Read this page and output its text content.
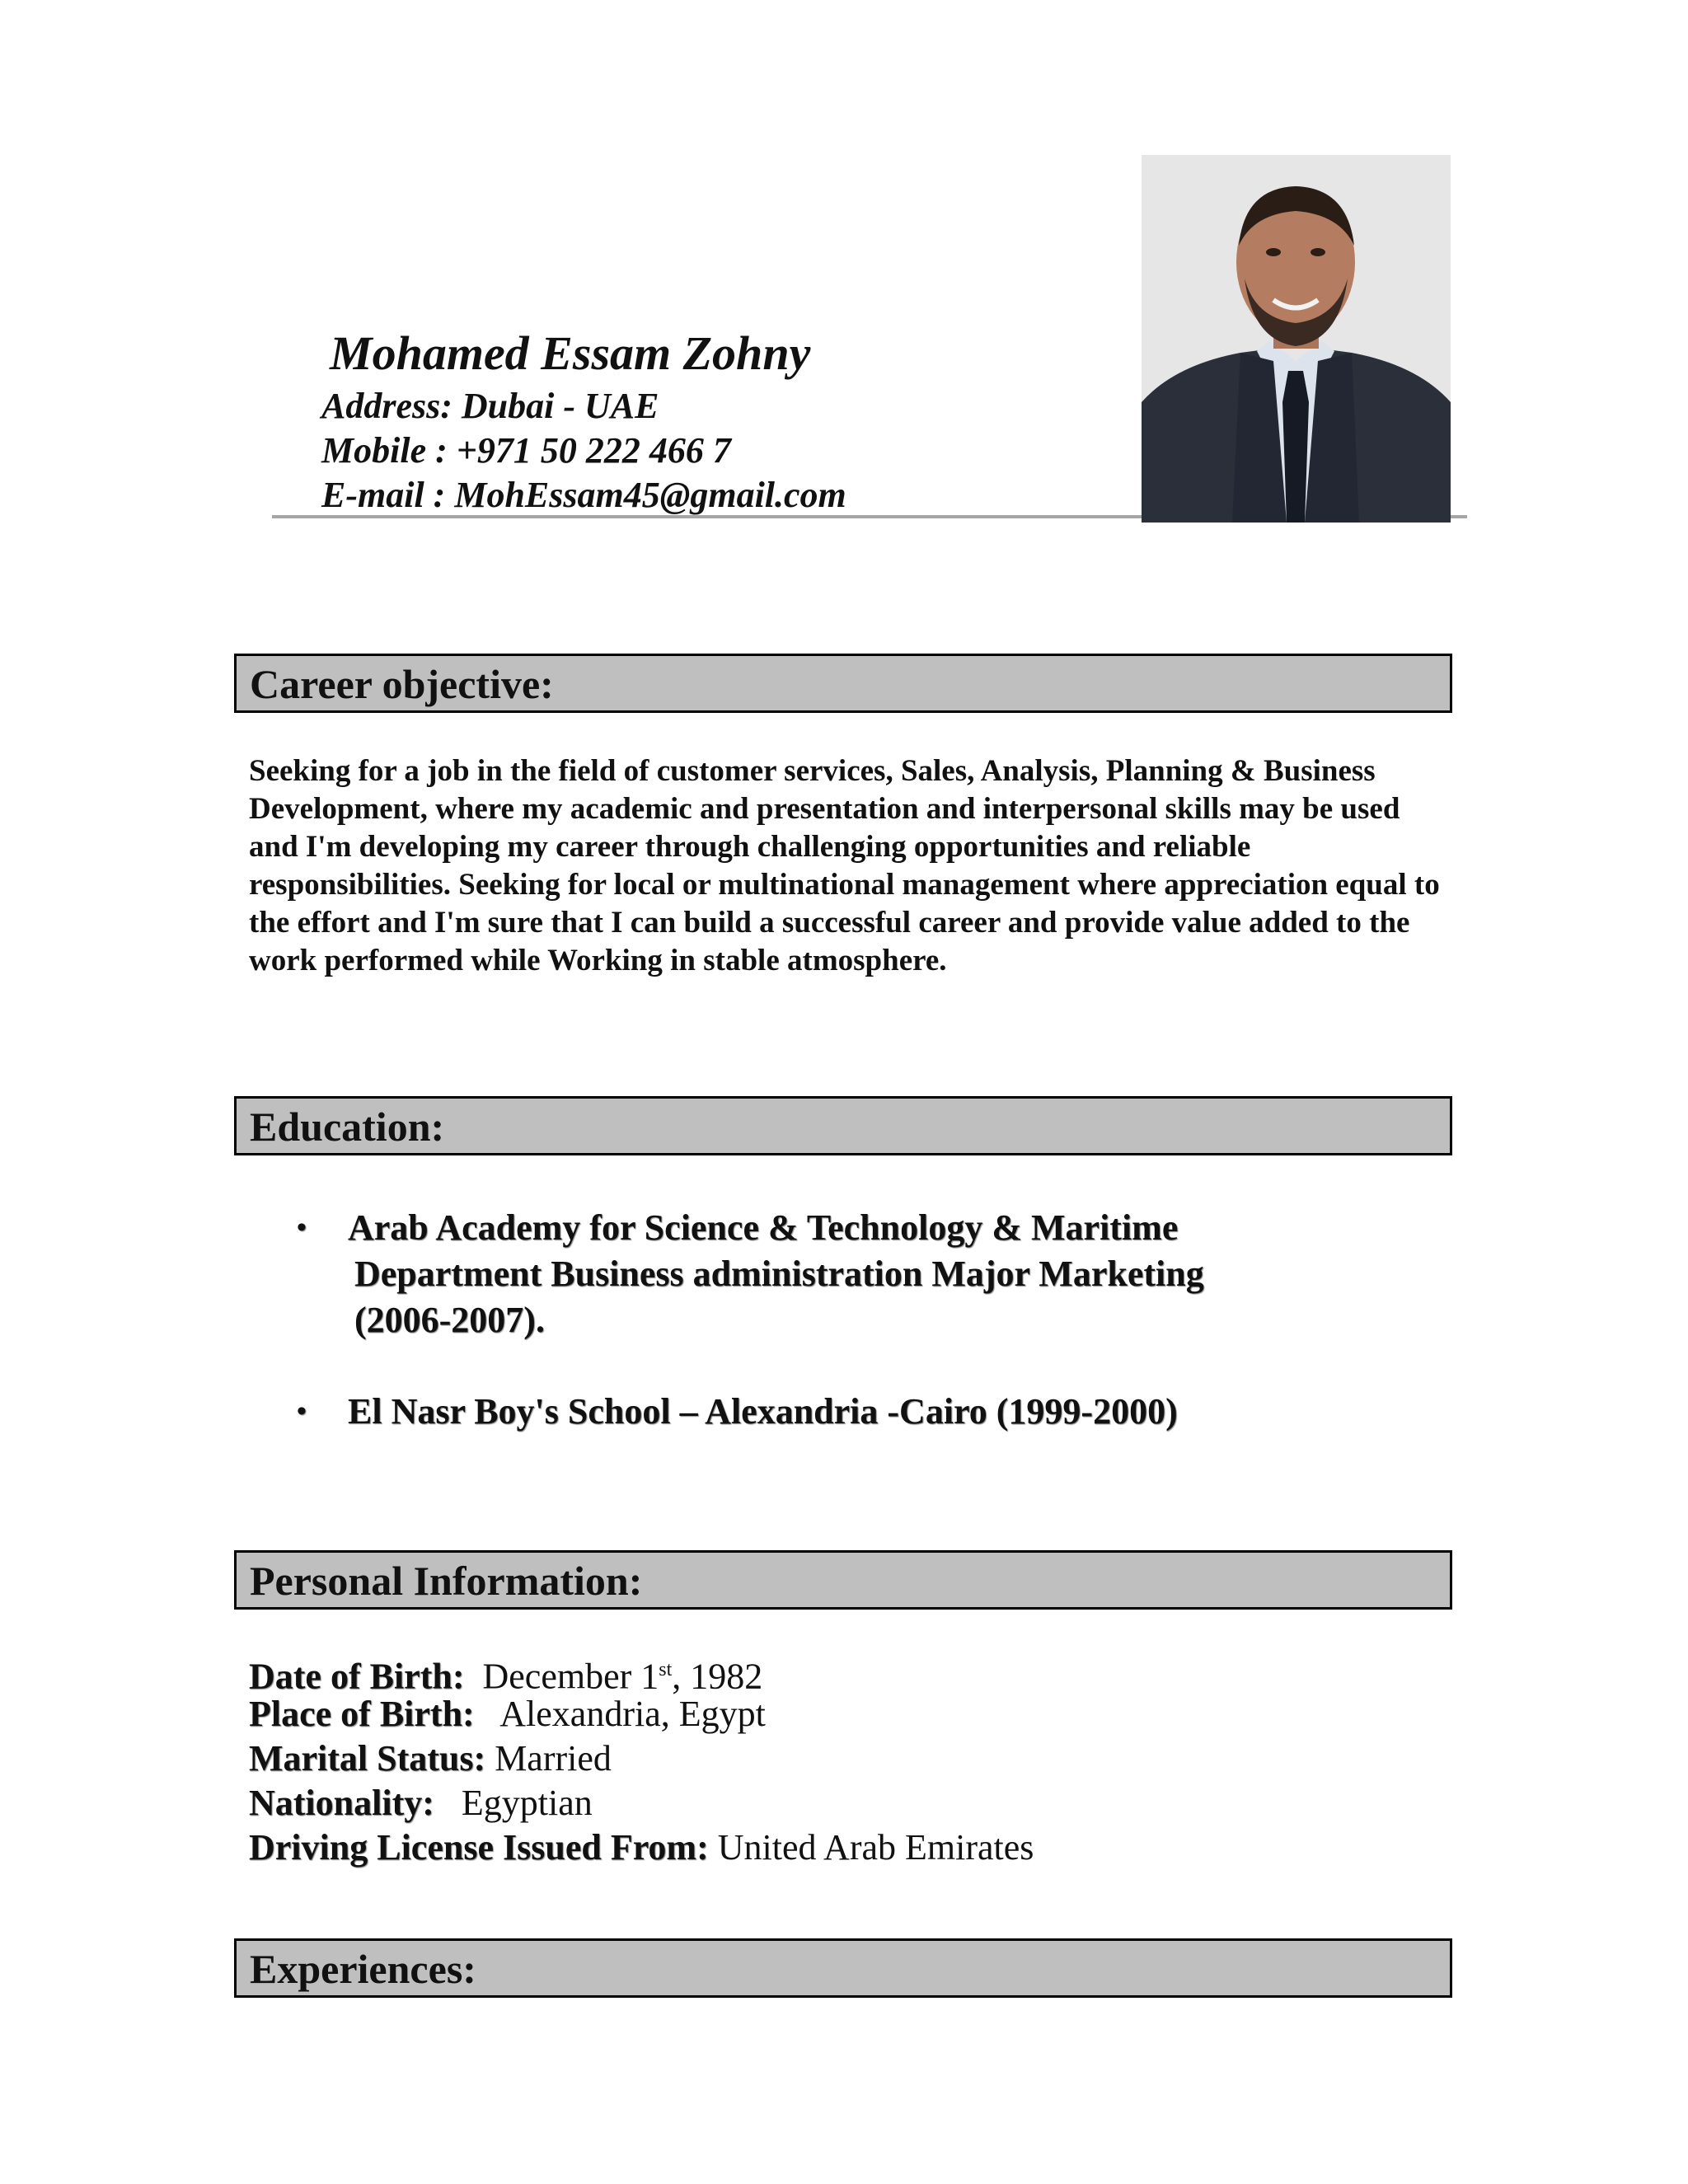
Mohamed Essam Zohny
Address: Dubai - UAE
Mobile : +971 50 222 466 7
E-mail : MohEssam45@gmail.com
Career objective:
Seeking for a job in the field of customer services, Sales, Analysis, Planning & Business Development, where my academic and presentation and interpersonal skills may be used and I'm developing my career through challenging opportunities and reliable responsibilities. Seeking for local or multinational management where appreciation equal to the effort and I'm sure that I can build a successful career and provide value added to the work performed while Working in stable atmosphere.
Education:
• Arab Academy for Science & Technology & Maritime
Department Business administration Major Marketing
(2006-2007).
• El Nasr Boy's School – Alexandria -Cairo (1999-2000)
Personal Information:
Date of Birth: December 1st, 1982
Place of Birth: Alexandria, Egypt
Marital Status: Married
Nationality: Egyptian
Driving License Issued From: United Arab Emirates
Experiences:
